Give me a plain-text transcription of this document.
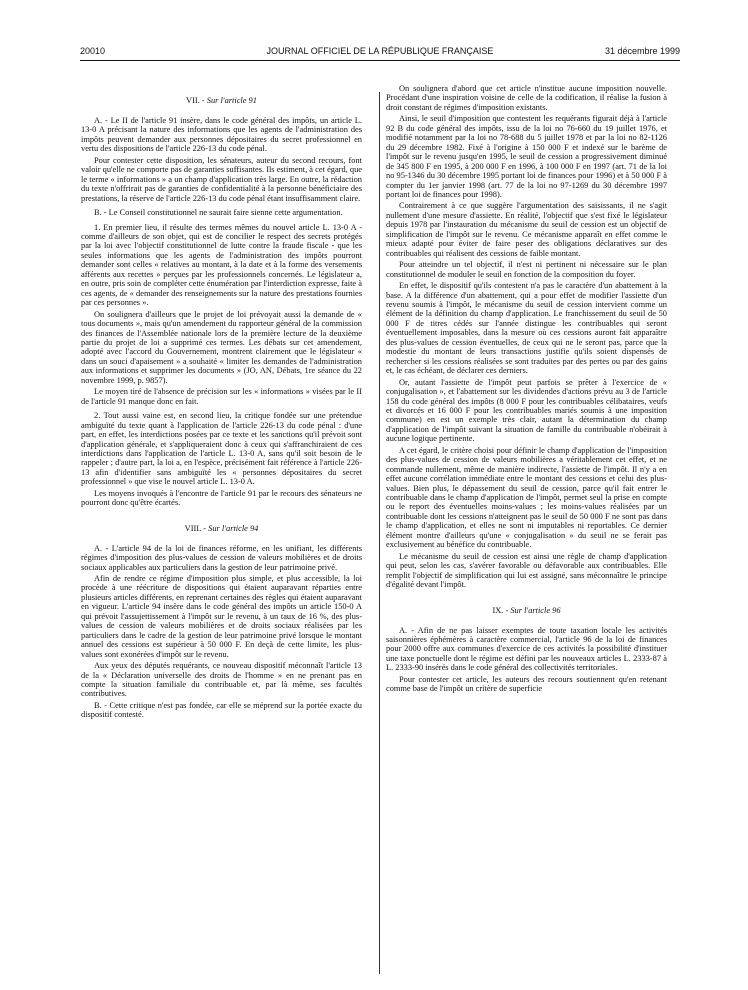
20010	JOURNAL OFFICIEL DE LA RÉPUBLIQUE FRANÇAISE	31 décembre 1999
VII. - Sur l'article 91

A. - Le II de l'article 91 insère, dans le code général des impôts, un article L. 13-0 A précisant la nature des informations que les agents de l'administration des impôts peuvent demander aux personnes dépositaires du secret professionnel en vertu des dispositions de l'article 226-13 du code pénal.

Pour contester cette disposition, les sénateurs, auteur du second recours, font valoir qu'elle ne comporte pas de garanties suffisantes. Ils estiment, à cet égard, que le terme « informations » a un champ d'application très large. En outre, la rédaction du texte n'offrirait pas de garanties de confidentialité à la personne bénéficiaire des prestations, la réserve de l'article 226-13 du code pénal étant insuffisamment claire.

B. - Le Conseil constitutionnel ne saurait faire sienne cette argumentation.

1. En premier lieu, il résulte des termes mêmes du nouvel article L. 13-0 A - comme d'ailleurs de son objet, qui est de concilier le respect des secrets protégés par la loi avec l'objectif constitutionnel de lutte contre la fraude fiscale - que les seules informations que les agents de l'administration des impôts pourront demander sont celles « relatives au montant, à la date et à la forme des versements afférents aux recettes » perçues par les professionnels concernés. Le législateur a, en outre, pris soin de compléter cette énumération par l'interdiction expresse, faite à ces agents, de « demander des renseignements sur la nature des prestations fournies par ces personnes ».

On soulignera d'ailleurs que le projet de loi prévoyait aussi la demande de « tous documents », mais qu'un amendement du rapporteur général de la commission des finances de l'Assemblée nationale lors de la première lecture de la deuxième partie du projet de loi a supprimé ces termes. Les débats sur cet amendement, adopté avec l'accord du Gouvernement, montrent clairement que le législateur « dans un souci d'apaisement » a souhaité « limiter les demandes de l'administration aux informations et supprimer les documents » (JO, AN, Débats, 1re séance du 22 novembre 1999, p. 9857).

Le moyen tiré de l'absence de précision sur les « informations » visées par le II de l'article 91 manque donc en fait.

2. Tout aussi vaine est, en second lieu, la critique fondée sur une prétendue ambiguïté du texte quant à l'application de l'article 226-13 du code pénal : d'une part, en effet, les interdictions posées par ce texte et les sanctions qu'il prévoit sont d'application générale, et s'appliqueraient donc à ceux qui s'affranchiraient de ces interdictions dans l'application de l'article L. 13-0 A, sans qu'il soit besoin de le rappeler ; d'autre part, la loi a, en l'espèce, précisément fait référence à l'article 226-13 afin d'identifier sans ambiguïté les « personnes dépositaires du secret professionnel » que vise le nouvel article L. 13-0 A.

Les moyens invoqués à l'encontre de l'article 91 par le recours des sénateurs ne pourront donc qu'être écartés.

VIII. - Sur l'article 94

A. - L'article 94 de la loi de finances réforme, en les unifiant, les différents régimes d'imposition des plus-values de cession de valeurs mobilières et de droits sociaux applicables aux particuliers dans la gestion de leur patrimoine privé.

Afin de rendre ce régime d'imposition plus simple, et plus accessible, la loi procède à une réécriture de dispositions qui étaient auparavant réparties entre plusieurs articles différents, en reprenant certaines des règles qui étaient auparavant en vigueur. L'article 94 insère dans le code général des impôts un article 150-0 A qui prévoit l'assujettissement à l'impôt sur le revenu, à un taux de 16 %, des plus-values de cession de valeurs mobilières et de droits sociaux réalisées par les particuliers dans le cadre de la gestion de leur patrimoine privé lorsque le montant annuel des cessions est supérieur à 50 000 F. En deçà de cette limite, les plus-values sont exonérées d'impôt sur le revenu.

Aux yeux des députés requérants, ce nouveau dispositif méconnaît l'article 13 de la « Déclaration universelle des droits de l'homme » en ne prenant pas en compte la situation familiale du contribuable et, par là même, ses facultés contributives.

B. - Cette critique n'est pas fondée, car elle se méprend sur la portée exacte du dispositif contesté.

On soulignera d'abord que cet article n'institue aucune imposition nouvelle. Procédant d'une inspiration voisine de celle de la codification, il réalise la fusion à droit constant de régimes d'imposition existants.

Ainsi, le seuil d'imposition que contestent les requérants figurait déjà à l'article 92 B du code général des impôts, issu de la loi no 76-660 du 19 juillet 1976, et modifié notamment par la loi no 78-688 du 5 juillet 1978 et par la loi no 82-1126 du 29 décembre 1982. Fixé à l'origine à 150 000 F et indexé sur le barème de l'impôt sur le revenu jusqu'en 1995, le seuil de cession a progressivement diminué de 345 800 F en 1995, à 200 000 F en 1996, à 100 000 F en 1997 (art. 71 de la loi no 95-1346 du 30 décembre 1995 portant loi de finances pour 1996) et à 50 000 F à compter du 1er janvier 1998 (art. 77 de la loi no 97-1269 du 30 décembre 1997 portant loi de finances pour 1998).

Contrairement à ce que suggère l'argumentation des saisissants, il ne s'agit nullement d'une mesure d'assiette. En réalité, l'objectif que s'est fixé le législateur depuis 1978 par l'instauration du mécanisme du seuil de cession est un objectif de simplification de l'impôt sur le revenu. Ce mécanisme apparaît en effet comme le mieux adapté pour éviter de faire peser des obligations déclaratives sur des contribuables qui réalisent des cessions de faible montant.

Pour atteindre un tel objectif, il n'est ni pertinent ni nécessaire sur le plan constitutionnel de moduler le seuil en fonction de la composition du foyer.

En effet, le dispositif qu'ils contestent n'a pas le caractère d'un abattement à la base. A la différence d'un abattement, qui a pour effet de modifier l'assiette d'un revenu soumis à l'impôt, le mécanisme du seuil de cession intervient comme un élément de la définition du champ d'application. Le franchissement du seuil de 50 000 F de titres cédés sur l'année distingue les contribuables qui seront éventuellement imposables, dans la mesure où ces cessions auront fait apparaître des plus-values de cession éventuelles, de ceux qui ne le seront pas, parce que la modestie du montant de leurs transactions justifie qu'ils soient dispensés de rechercher si les cessions réalisées se sont traduites par des pertes ou par des gains et, le cas échéant, de déclarer ces derniers.

Or, autant l'assiette de l'impôt peut parfois se prêter à l'exercice de « conjugalisation », et l'abattement sur les dividendes d'actions prévu au 3 de l'article 158 du code général des impôts (8 000 F pour les contribuables célibataires, veufs et divorcés et 16 000 F pour les contribuables mariés soumis à une imposition commune) en est un exemple très clair, autant la détermination du champ d'application de l'impôt suivant la situation de famille du contribuable n'obéirait à aucune logique pertinente.

A cet égard, le critère choisi pour définir le champ d'application de l'imposition des plus-values de cession de valeurs mobilières a véritablement cet effet, et ne commande nullement, même de manière indirecte, l'assiette de l'impôt. Il n'y a en effet aucune corrélation immédiate entre le montant des cessions et celui des plus-values. Bien plus, le dépassement du seuil de cession, parce qu'il fait entrer le contribuable dans le champ d'application de l'impôt, permet seul la prise en compte ou le report des éventuelles moins-values ; les moins-values réalisées par un contribuable dont les cessions n'atteignent pas le seuil de 50 000 F ne sont pas dans le champ d'application, et elles ne sont ni imputables ni reportables. Ce dernier élément montre d'ailleurs qu'une « conjugalisation » du seuil ne se ferait pas exclusivement au bénéfice du contribuable.

Le mécanisme du seuil de cession est ainsi une règle de champ d'application qui peut, selon les cas, s'avérer favorable ou défavorable aux contribuables. Elle remplit l'objectif de simplification qui lui est assigné, sans méconnaître le principe d'égalité devant l'impôt.

IX. - Sur l'article 96

A. - Afin de ne pas laisser exemptes de toute taxation locale les activités saisonnières éphémères à caractère commercial, l'article 96 de la loi de finances pour 2000 offre aux communes d'exercice de ces activités la possibilité d'instituer une taxe ponctuelle dont le régime est défini par les nouveaux articles L. 2333-87 à L. 2333-90 insérés dans le code général des collectivités territoriales.

Pour contester cet article, les auteurs des recours soutiennent qu'en retenant comme base de l'impôt un critère de superficie
